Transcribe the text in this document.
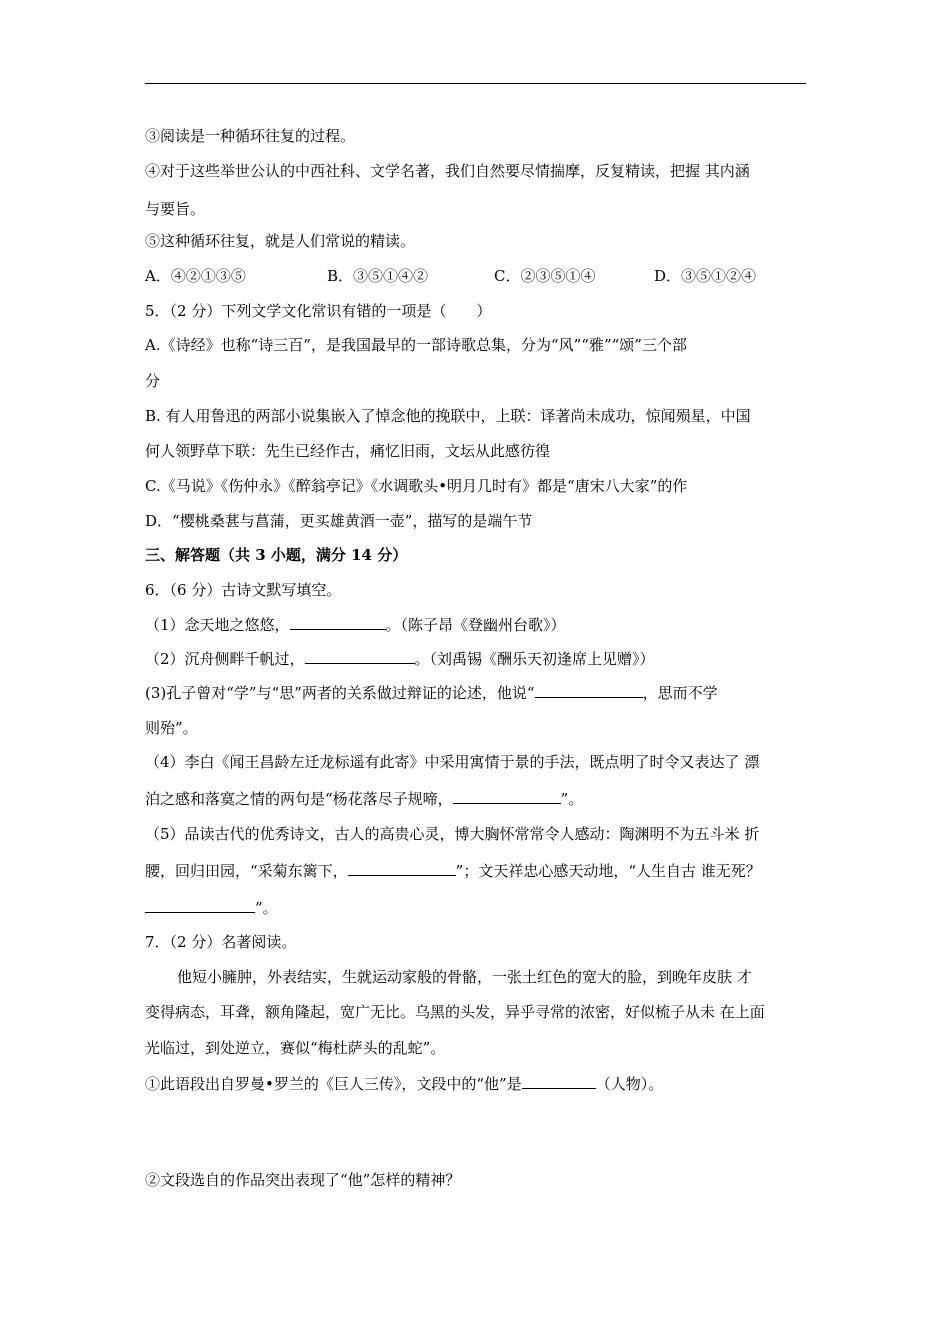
③阅读是一种循环往复的过程。
④对于这些举世公认的中西社科、文学名著，我们自然要尽情揣摩，反复精读，把握 其内涵
与要旨。
⑤这种循环往复，就是人们常说的精读。
A．④②①③⑤	B．③⑤①④②	C．②③⑤①④	D．③⑤①②④
5．（2 分）下列文学文化常识有错的一项是（　　）
A.《诗经》也称“诗三百”，是我国最早的一部诗歌总集，分为“风”“雅”“颂”三个部
分
B. 有人用鲁迅的两部小说集嵌入了悼念他的挽联中，上联：译著尚未成功，惊闻殒星，中国
何人领野草下联：先生已经作古，痛忆旧雨，文坛从此感彷徨
C.《马说》《伤仲永》《醉翁亭记》《水调歌头•明月几时有》都是“唐宋八大家”的作
D．“樱桃桑葚与菖蒲，更买雄黄酒一壶”，描写的是端午节
三、解答题（共 3 小题，满分 14 分）
6．（6 分）古诗文默写填空。
（1）念天地之悠悠，	。（陈子昂《登幽州台歌》）
（2）沉舟侧畔千帆过，	。（刘禹锡《酬乐天初逢席上见赠》）
(3)孔子曾对“学”与“思”两者的关系做过辩证的论述，他说“	，思而不学
则殆”。
（4）李白《闻王昌龄左迁龙标遥有此寄》中采用寓情于景的手法，既点明了时令又表达了 漂
泊之感和落寞之情的两句是“杨花落尽子规啼，	”。
（5）品读古代的优秀诗文，古人的高贵心灵，博大胸怀常常令人感动：陶渊明不为五斗米 折
腰，回归田园，“采菊东篱下，	”；文天祥忠心感天动地，“人生自古 谁无死？
”。
7．（2 分）名著阅读。
他短小臃肿，外表结实，生就运动家般的骨骼，一张土红色的宽大的脸，到晚年皮肤 才
变得病态，耳聋，额角隆起，宽广无比。乌黑的头发，异乎寻常的浓密，好似梳子从未 在上面
光临过，到处逆立，赛似“梅杜萨头的乱蛇”。
①此语段出自罗曼•罗兰的《巨人三传》，文段中的“他”是	（人物）。
②文段选自的作品突出表现了“他”怎样的精神？
